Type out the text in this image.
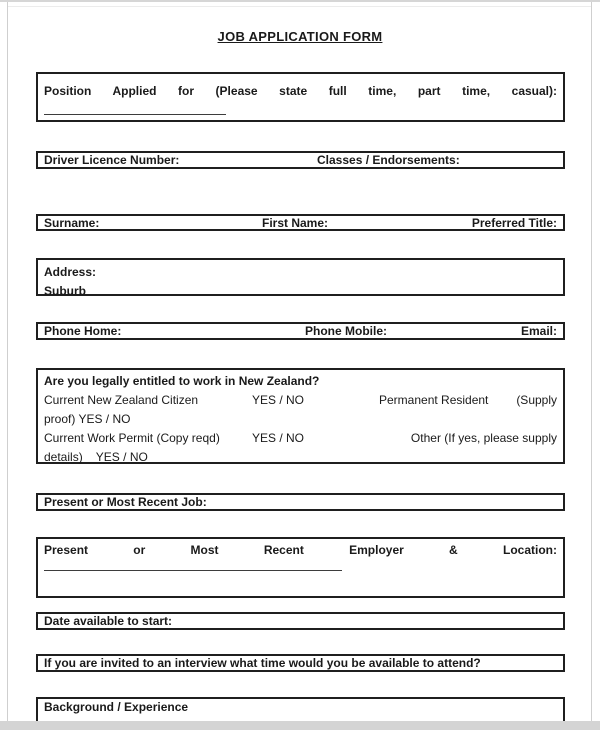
JOB APPLICATION FORM
Position Applied for (Please state full time, part time, casual):
Driver Licence Number:	Classes / Endorsements:
Surname:	First Name:	Preferred Title:
Address:
Suburb
Phone Home:	Phone Mobile:	Email:
Are you legally entitled to work in New Zealand?
Current New Zealand Citizen	YES / NO	Permanent Resident	(Supply
proof) YES / NO
Current Work Permit (Copy reqd)	YES / NO	Other (If yes, please supply
details)    YES / NO
Present or Most Recent Job:
Present or Most Recent Employer & Location:
Date available to start:
If you are invited to an interview what time would you be available to attend?
Background / Experience
